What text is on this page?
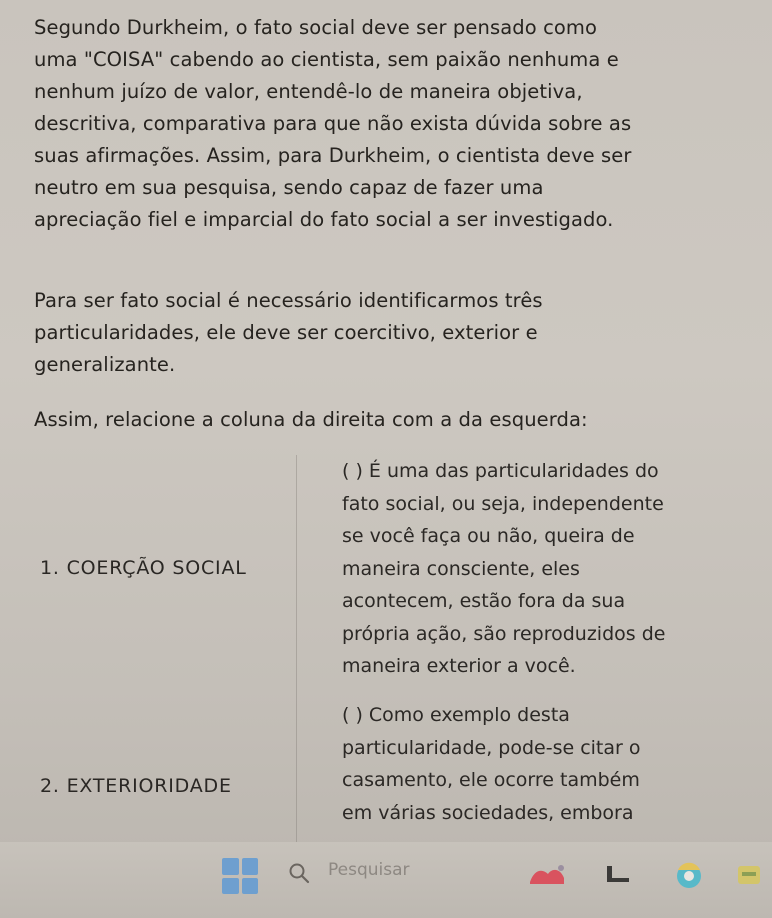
Segundo Durkheim, o fato social deve ser pensado como
uma "COISA" cabendo ao cientista, sem paixão nenhuma e
nenhum juízo de valor, entendê-lo de maneira objetiva,
descritiva, comparativa para que não exista dúvida sobre as
suas afirmações. Assim, para Durkheim, o cientista deve ser
neutro em sua pesquisa, sendo capaz de fazer uma
apreciação fiel e imparcial do fato social a ser investigado.
Para ser fato social é necessário identificarmos três
particularidades, ele deve ser coercitivo, exterior e
generalizante.
Assim, relacione a coluna da direita com a da esquerda:
1. COERÇÃO SOCIAL
( ) É uma das particularidades do
fato social, ou seja, independente
se você faça ou não, queira de
maneira consciente, eles
acontecem, estão fora da sua
própria ação, são reproduzidos de
maneira exterior a você.
2. EXTERIORIDADE
( ) Como exemplo desta
particularidade, pode-se citar o
casamento, ele ocorre também
em várias sociedades, embora
Pesquisar
